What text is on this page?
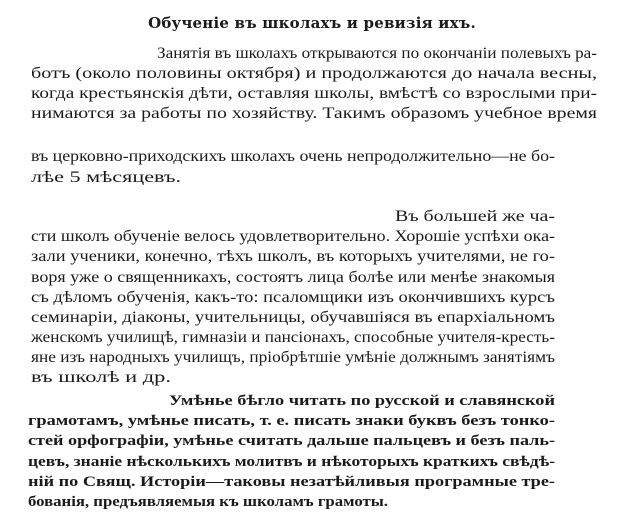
Обученіе въ школахъ и ревизія ихъ.
Занятія въ школахъ открываются по окончаніи полевыхъ ра-
ботъ (около половины октября) и продолжаются до начала весны,
когда крестьянскія дѣти, оставляя школы, вмѣстѣ со взрослыми при-
нимаются за работы по хозяйству. Такимъ образомъ учебное время
въ церковно-приходскихъ школахъ очень непродолжительно—не бо-
лѣе 5 мѣсяцевъ.
Въ большей же ча-
сти школъ обученіе велось удовлетворительно. Хорошіе успѣхи ока-
зали ученики, конечно, тѣхъ школъ, въ которыхъ учителями, не го-
воря уже о священникахъ, состоятъ лица болѣе или менѣе знакомыя
съ дѣломъ обученія, какъ-то: псаломщики изъ окончившихъ курсъ
семинаріи, діаконы, учительницы, обучавшіяся въ епархіальномъ
женскомъ училищѣ, гимназіи и пансіонахъ, способные учителя-кресть-
яне изъ народныхъ училищъ, пріобрѣтшіе умѣніе должнымъ занятіямъ
въ школѣ и др.
Умѣнье бѣгло читать по русской и славянской
грамотамъ, умѣнье писать, т. е. писать знаки буквъ безъ тонко-
стей орфографіи, умѣнье считать дальше пальцевъ и безъ паль-
цевъ, знаніе нѣсколькихъ молитвъ и нѣкоторыхъ краткихъ свѣдѣ-
ній по Свящ. Исторіи—таковы незатѣйливыя програмные тре-
бованія, предъявляемыя къ школамъ грамоты.
